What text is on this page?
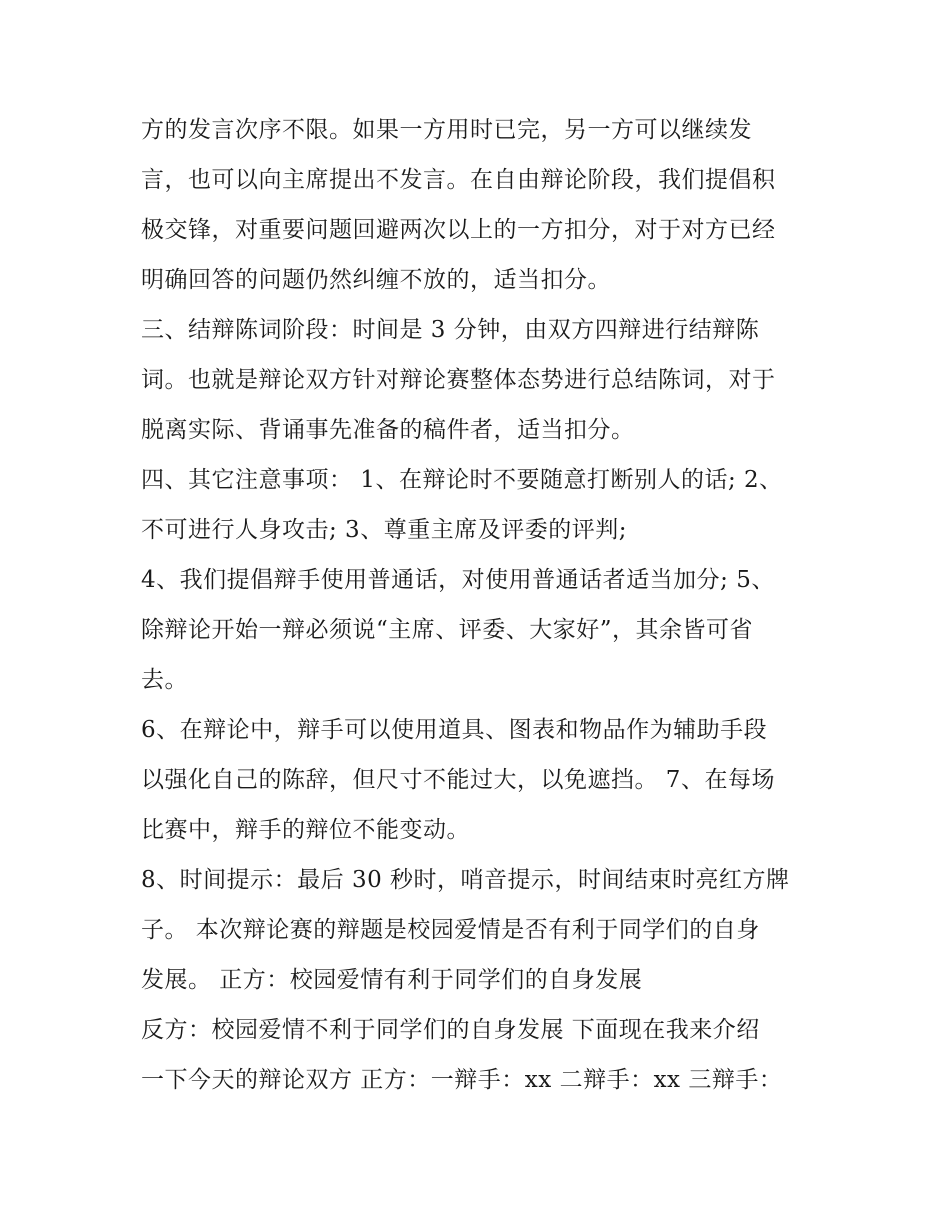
方的发言次序不限。如果一方用时已完，另一方可以继续发

言，也可以向主席提出不发言。在自由辩论阶段，我们提倡积

极交锋，对重要问题回避两次以上的一方扣分，对于对方已经

明确回答的问题仍然纠缠不放的，适当扣分。

三、结辩陈词阶段：时间是 3 分钟，由双方四辩进行结辩陈

词。也就是辩论双方针对辩论赛整体态势进行总结陈词，对于

脱离实际、背诵事先准备的稿件者，适当扣分。

四、其它注意事项： 1、在辩论时不要随意打断别人的话; 2、

不可进行人身攻击; 3、尊重主席及评委的评判;

4、我们提倡辩手使用普通话，对使用普通话者适当加分; 5、

除辩论开始一辩必须说“主席、评委、大家好”，其余皆可省

去。

6、在辩论中，辩手可以使用道具、图表和物品作为辅助手段

以强化自己的陈辞，但尺寸不能过大，以免遮挡。 7、在每场

比赛中，辩手的辩位不能变动。

8、时间提示：最后 30 秒时，哨音提示，时间结束时亮红方牌

子。 本次辩论赛的辩题是校园爱情是否有利于同学们的自身

发展。 正方：校园爱情有利于同学们的自身发展

反方：校园爱情不利于同学们的自身发展 下面现在我来介绍

一下今天的辩论双方 正方：一辩手：xx 二辩手：xx 三辩手：
